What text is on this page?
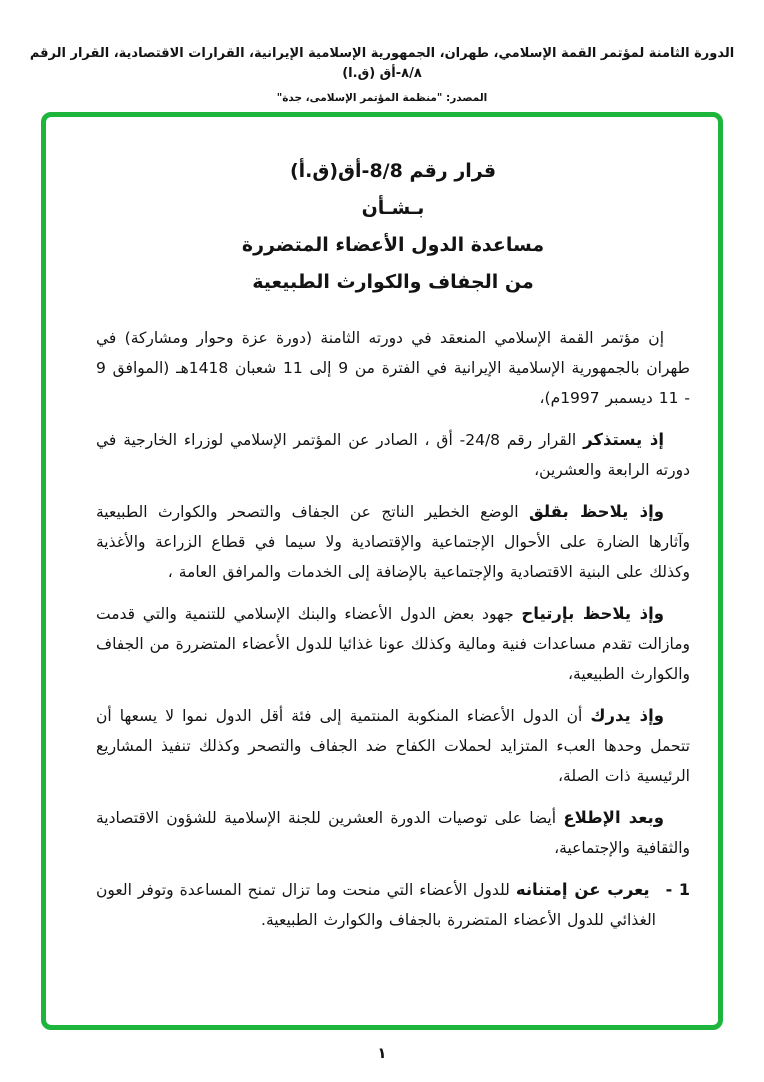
الدورة الثامنة لمؤتمر القمة الإسلامي، طهران، الجمهورية الإسلامية الإيرانية، القرارات الاقتصادية، القرار الرقم ٨/٨-أق (ق.ا)
المصدر: "منظمة المؤتمر الإسلامى، جدة"
قرار رقم 8/8-أق(ق.أ)
بـشـأن
مساعدة الدول الأعضاء المتضررة
من الجفاف والكوارث الطبيعية

إن مؤتمر القمة الإسلامي المنعقد في دورته الثامنة (دورة عزة وحوار ومشاركة) في طهران بالجمهورية الإسلامية الإيرانية في الفترة من 9 إلى 11 شعبان 1418هـ (الموافق 9 - 11 ديسمبر 1997م)،

إذ يستذكر القرار رقم 24/8- أق ، الصادر عن المؤتمر الإسلامي لوزراء الخارجية في دورته الرابعة والعشرين،

وإذ يلاحظ بقلق الوضع الخطير الناتج عن الجفاف والتصحر والكوارث الطبيعية وآثارها الضارة على الأحوال الإجتماعية والإقتصادية ولا سيما في قطاع الزراعة والأغذية وكذلك على البنية الاقتصادية والإجتماعية بالإضافة إلى الخدمات والمرافق العامة ،

وإذ يلاحظ بإرتياح جهود بعض الدول الأعضاء والبنك الإسلامي للتنمية والتي قدمت ومازالت تقدم مساعدات فنية ومالية وكذلك عونا غذائيا للدول الأعضاء المتضررة من الجفاف والكوارث الطبيعية،

وإذ يدرك أن الدول الأعضاء المنكوبة المنتمية إلى فئة أقل الدول نموا لا يسعها أن تتحمل وحدها العبء المتزايد لحملات الكفاح ضد الجفاف والتصحر وكذلك تنفيذ المشاريع الرئيسية ذات الصلة،

وبعد الإطلاع أيضا على توصيات الدورة العشرين للجنة الإسلامية للشؤون الاقتصادية والثقافية والإجتماعية،

1 - يعرب عن إمتنانه للدول الأعضاء التي منحت وما تزال تمنح المساعدة وتوفر العون الغذائي للدول الأعضاء المتضررة بالجفاف والكوارث الطبيعية.

١
